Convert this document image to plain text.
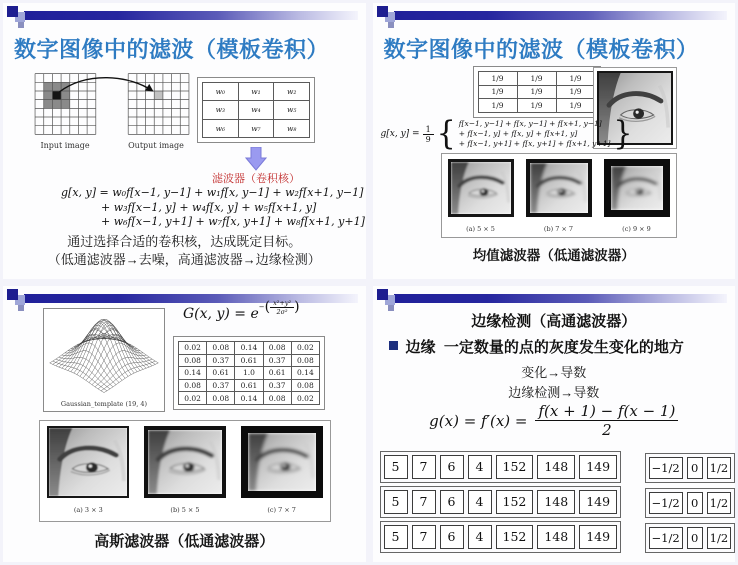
数字图像中的滤波（模板卷积）
Input image	Output image
w₀	w₁	w₂
w₃	w₄	w₅
w₆	w₇	w₈
滤波器（卷积核）
g[x, y] = w₀f[x−1, y−1] + w₁f[x, y−1] + w₂f[x+1, y−1]
+ w₃f[x−1, y] + w₄f[x, y] + w₅f[x+1, y]
+ w₆f[x−1, y+1] + w₇f[x, y+1] + w₈f[x+1, y+1]
通过选择合适的卷积核，达成既定目标。
（低通滤波器→去噪，高通滤波器→边缘检测）
数字图像中的滤波（模板卷积）
1/9	1/9	1/9
1/9	1/9	1/9
1/9	1/9	1/9
g[x, $y] = \frac{1}{9}$ { f[x−1, y−1] + f[x, y−1] + f[x+1, y−1]
+ f[x−1, y] + f[x, y] + f[x+1, y]
+ f[x−1, y+1] + f[x, y+1] + f[x+1, y+1] }
(a) 5 × 5	(b) 7 × 7	(c) 9 × 9
均值滤波器（低通滤波器）
Gaussian_template (19, 4)
G(x, y) = e − ( $\frac{\text{x²+y²}}{\text{2σ²}}$ )
0.02	0.08	0.14	0.08	0.02
0.08	0.37	0.61	0.37	0.08
0.14	0.61	1.0	0.61	0.14
0.08	0.37	0.61	0.37	0.08
0.02	0.08	0.14	0.08	0.02
(a) 3 × 3	(b) 5 × 5	(c) 7 × 7
高斯滤波器（低通滤波器）
边缘检测（高通滤波器）
边缘  一定数量的点的灰度发生变化的地方
变化→导数
边缘检测→导数
$g(x) = f'(x) = \frac{f(x + 1) - f(x - 1)}{2}$
5	7	6	4	152	148	149	−1/2 0 1/2
5	7	6	4	152	148	149	−1/2 0 1/2
5	7	6	4	152	148	149	−1/2 0 1/2
